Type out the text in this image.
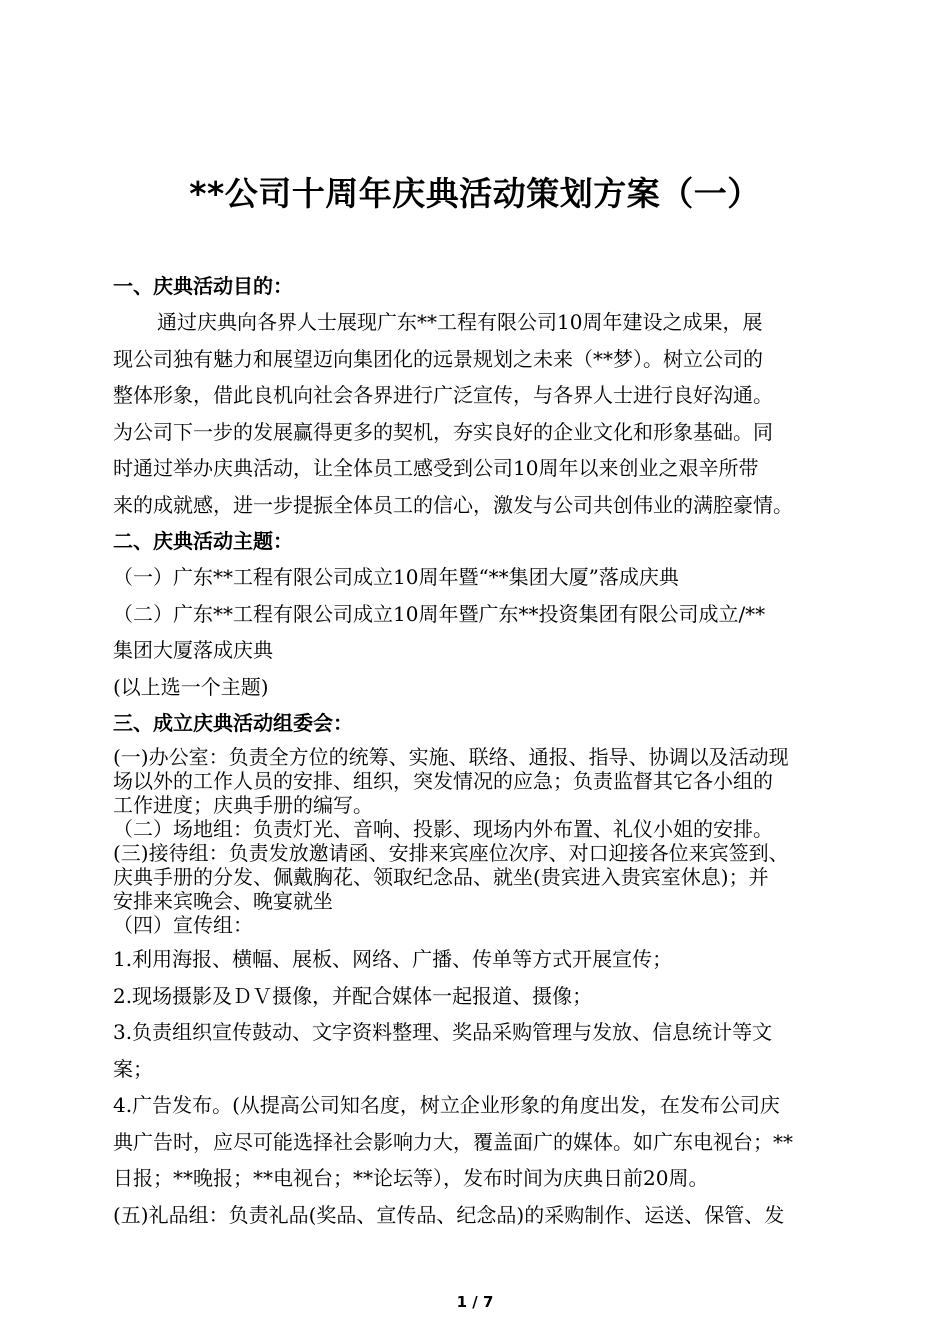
**公司十周年庆典活动策划方案（一）
一、庆典活动目的：
通过庆典向各界人士展现广东**工程有限公司10周年建设之成果，展
现公司独有魅力和展望迈向集团化的远景规划之未来（**梦）。树立公司的
整体形象，借此良机向社会各界进行广泛宣传，与各界人士进行良好沟通。
为公司下一步的发展赢得更多的契机，夯实良好的企业文化和形象基础。同
时通过举办庆典活动，让全体员工感受到公司10周年以来创业之艰辛所带
来的成就感，进一步提振全体员工的信心，激发与公司共创伟业的满腔豪情。
二、庆典活动主题：
（一）广东**工程有限公司成立10周年暨“**集团大厦”落成庆典
（二）广东**工程有限公司成立10周年暨广东**投资集团有限公司成立/**
集团大厦落成庆典
(以上选一个主题)
三、成立庆典活动组委会：
(一)办公室：负责全方位的统筹、实施、联络、通报、指导、协调以及活动现
场以外的工作人员的安排、组织，突发情况的应急；负责监督其它各小组的
工作进度；庆典手册的编写。
（二）场地组：负责灯光、音响、投影、现场内外布置、礼仪小姐的安排。
(三)接待组：负责发放邀请函、安排来宾座位次序、对口迎接各位来宾签到、
庆典手册的分发、佩戴胸花、领取纪念品、就坐(贵宾进入贵宾室休息)；并
安排来宾晚会、晚宴就坐
（四）宣传组：
1.利用海报、横幅、展板、网络、广播、传单等方式开展宣传；
2.现场摄影及ＤＶ摄像，并配合媒体一起报道、摄像；
3.负责组织宣传鼓动、文字资料整理、奖品采购管理与发放、信息统计等文
案；
4.广告发布。(从提高公司知名度，树立企业形象的角度出发，在发布公司庆
典广告时，应尽可能选择社会影响力大，覆盖面广的媒体。如广东电视台；**
日报；**晚报；**电视台；**论坛等），发布时间为庆典日前20周。
(五)礼品组：负责礼品(奖品、宣传品、纪念品)的采购制作、运送、保管、发
1 / 7
